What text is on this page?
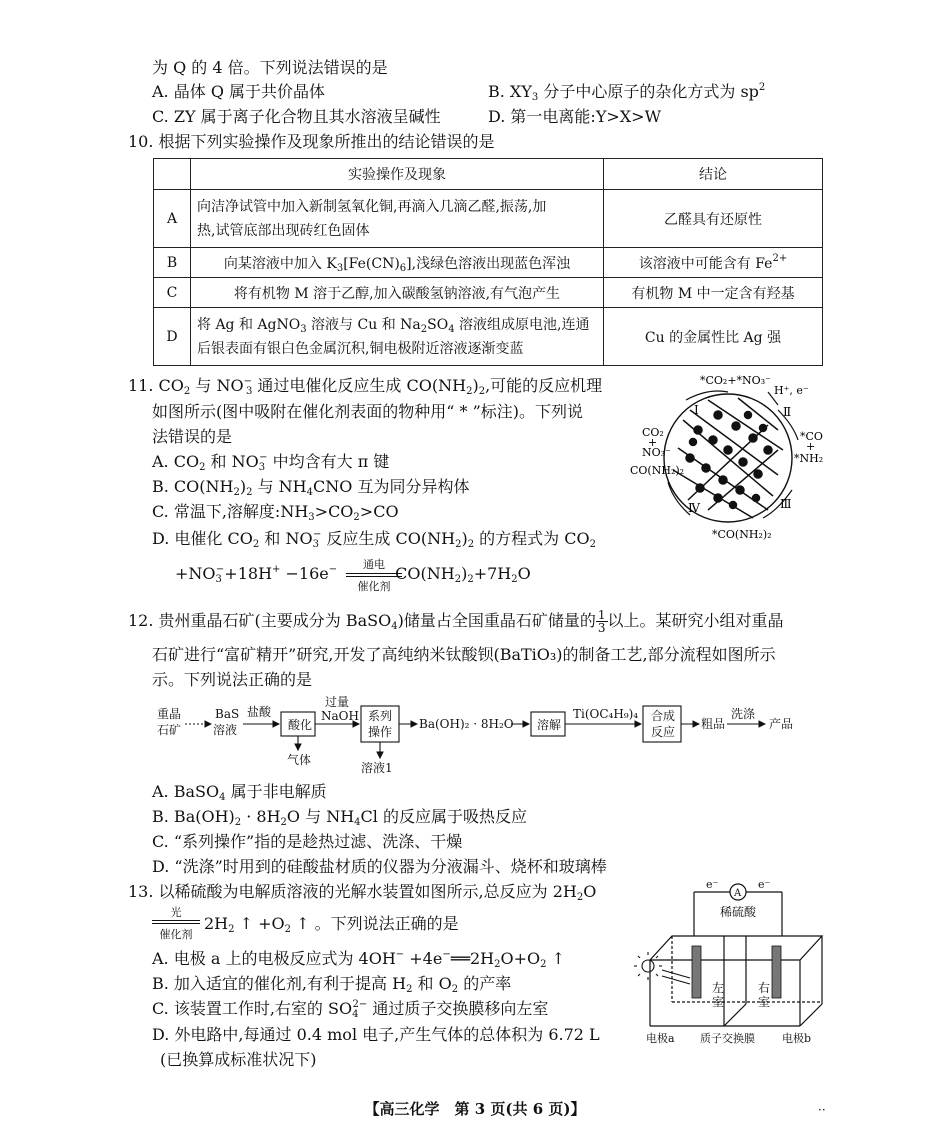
为 Q 的 4 倍。下列说法错误的是
A. 晶体 Q 属于共价晶体	B. $XY_3$ 分子中心原子的杂化方式为 $sp^2$
C. ZY 属于离子化合物且其水溶液呈碱性	D. 第一电离能:Y>X>W
10. 根据下列实验操作及现象所推出的结论错误的是
	实验操作及现象	结论
A	向洁净试管中加入新制氢氧化铜,再滴入几滴乙醛,振荡,加
热,试管底部出现砖红色固体	乙醛具有还原性
B	向某溶液中加入 $K_3[Fe(CN)_6]$,浅绿色溶液出现蓝色浑浊	该溶液中可能含有 $Fe^{2+}$
C	将有机物 M 溶于乙醇,加入碳酸氢钠溶液,有气泡产生	有机物 M 中一定含有羟基
D	将 Ag 和 AgNO$_3$ 溶液与 Cu 和 $Na_2SO_4$ 溶液组成原电池,连通
后银表面有银白色金属沉积,铜电极附近溶液逐渐变蓝	Cu 的金属性比 Ag 强
11. $CO_2$ 与 $NO^-_3$ 通过电催化反应生成 $CO(NH_2)_2$,可能的反应机理
如图所示(图中吸附在催化剂表面的物种用“ * ”标注)。下列说
法错误的是
A. $CO_2$ 和 $NO_3^-$ 中均含有大 π 键
B. $CO(NH_2)_2$ 与 $NH_4CNO$ 互为同分异构体
C. 常温下,溶解度$:NH_3>CO_2>CO$
D. 电催化 $CO_2$ 和 $NO_3^-$ 反应生成 $CO(NH_2)_2$ 的方程式为 $CO_2$
$+NO_3^-+18H^+ -16e^-$	$CO(NH_2)_2+7H_2O$
通电
催化剂
*CO₂+*NO₃⁻
H⁺, e⁻
Ⅰ	Ⅱ
Ⅲ
Ⅳ
CO₂
+
NO₃⁻
CO(NH₂)₂
*CO
+
*NH₂
*CO(NH₂)₂
12. 贵州重晶石矿(主要成分为 BaSO$_4$)储量占全国重晶石矿储量的 $\frac{1}{3}$ 以上。某研究小组对重晶
石矿进行“富矿精开”研究,开发了高纯纳米钛酸钡(BaTiO₃)的制备工艺,部分流程如图所示
示。下列说法正确的是
重晶
石矿
BaS
溶液
盐酸
酸化
气体
过量
NaOH 系列
操作
溶液1
Ba(OH)₂ · 8H₂O 溶解
Ti(OC₄H₉)₄ 合成
反应
粗品
洗涤
产品
A. BaSO$_4$ 属于非电解质
B. $Ba(OH)_2 \cdot 8H_2O$ 与 $NH_4Cl$ 的反应属于吸热反应
C. “系列操作”指的是趁热过滤、洗涤、干燥
D. “洗涤”时用到的硅酸盐材质的仪器为分液漏斗、烧杯和玻璃棒
13. 以稀硫酸为电解质溶液的光解水装置如图所示,总反应为 $2H_2O$
光
催化剂
$2H_2$ ↑ $+O_2$ ↑ 。下列说法正确的是
A. 电极 a 上的电极反应式为 $4OH^- +4e^-══2H_2O+O_2$ ↑
B. 加入适宜的催化剂,有利于提高 $H_2$ 和 $O_2$ 的产率
C. 该装置工作时,右室的 $SO_4^{2-}$ 通过质子交换膜移向左室
D. 外电路中,每通过 0.4 mol 电子,产生气体的总体积为 6.72 L
(已换算成标准状况下)
e⁻
A
e⁻
稀硫酸
左
室
右
室
电极a 质子交换膜 电极b
【高三化学　第 3 页(共 6 页)】	··
